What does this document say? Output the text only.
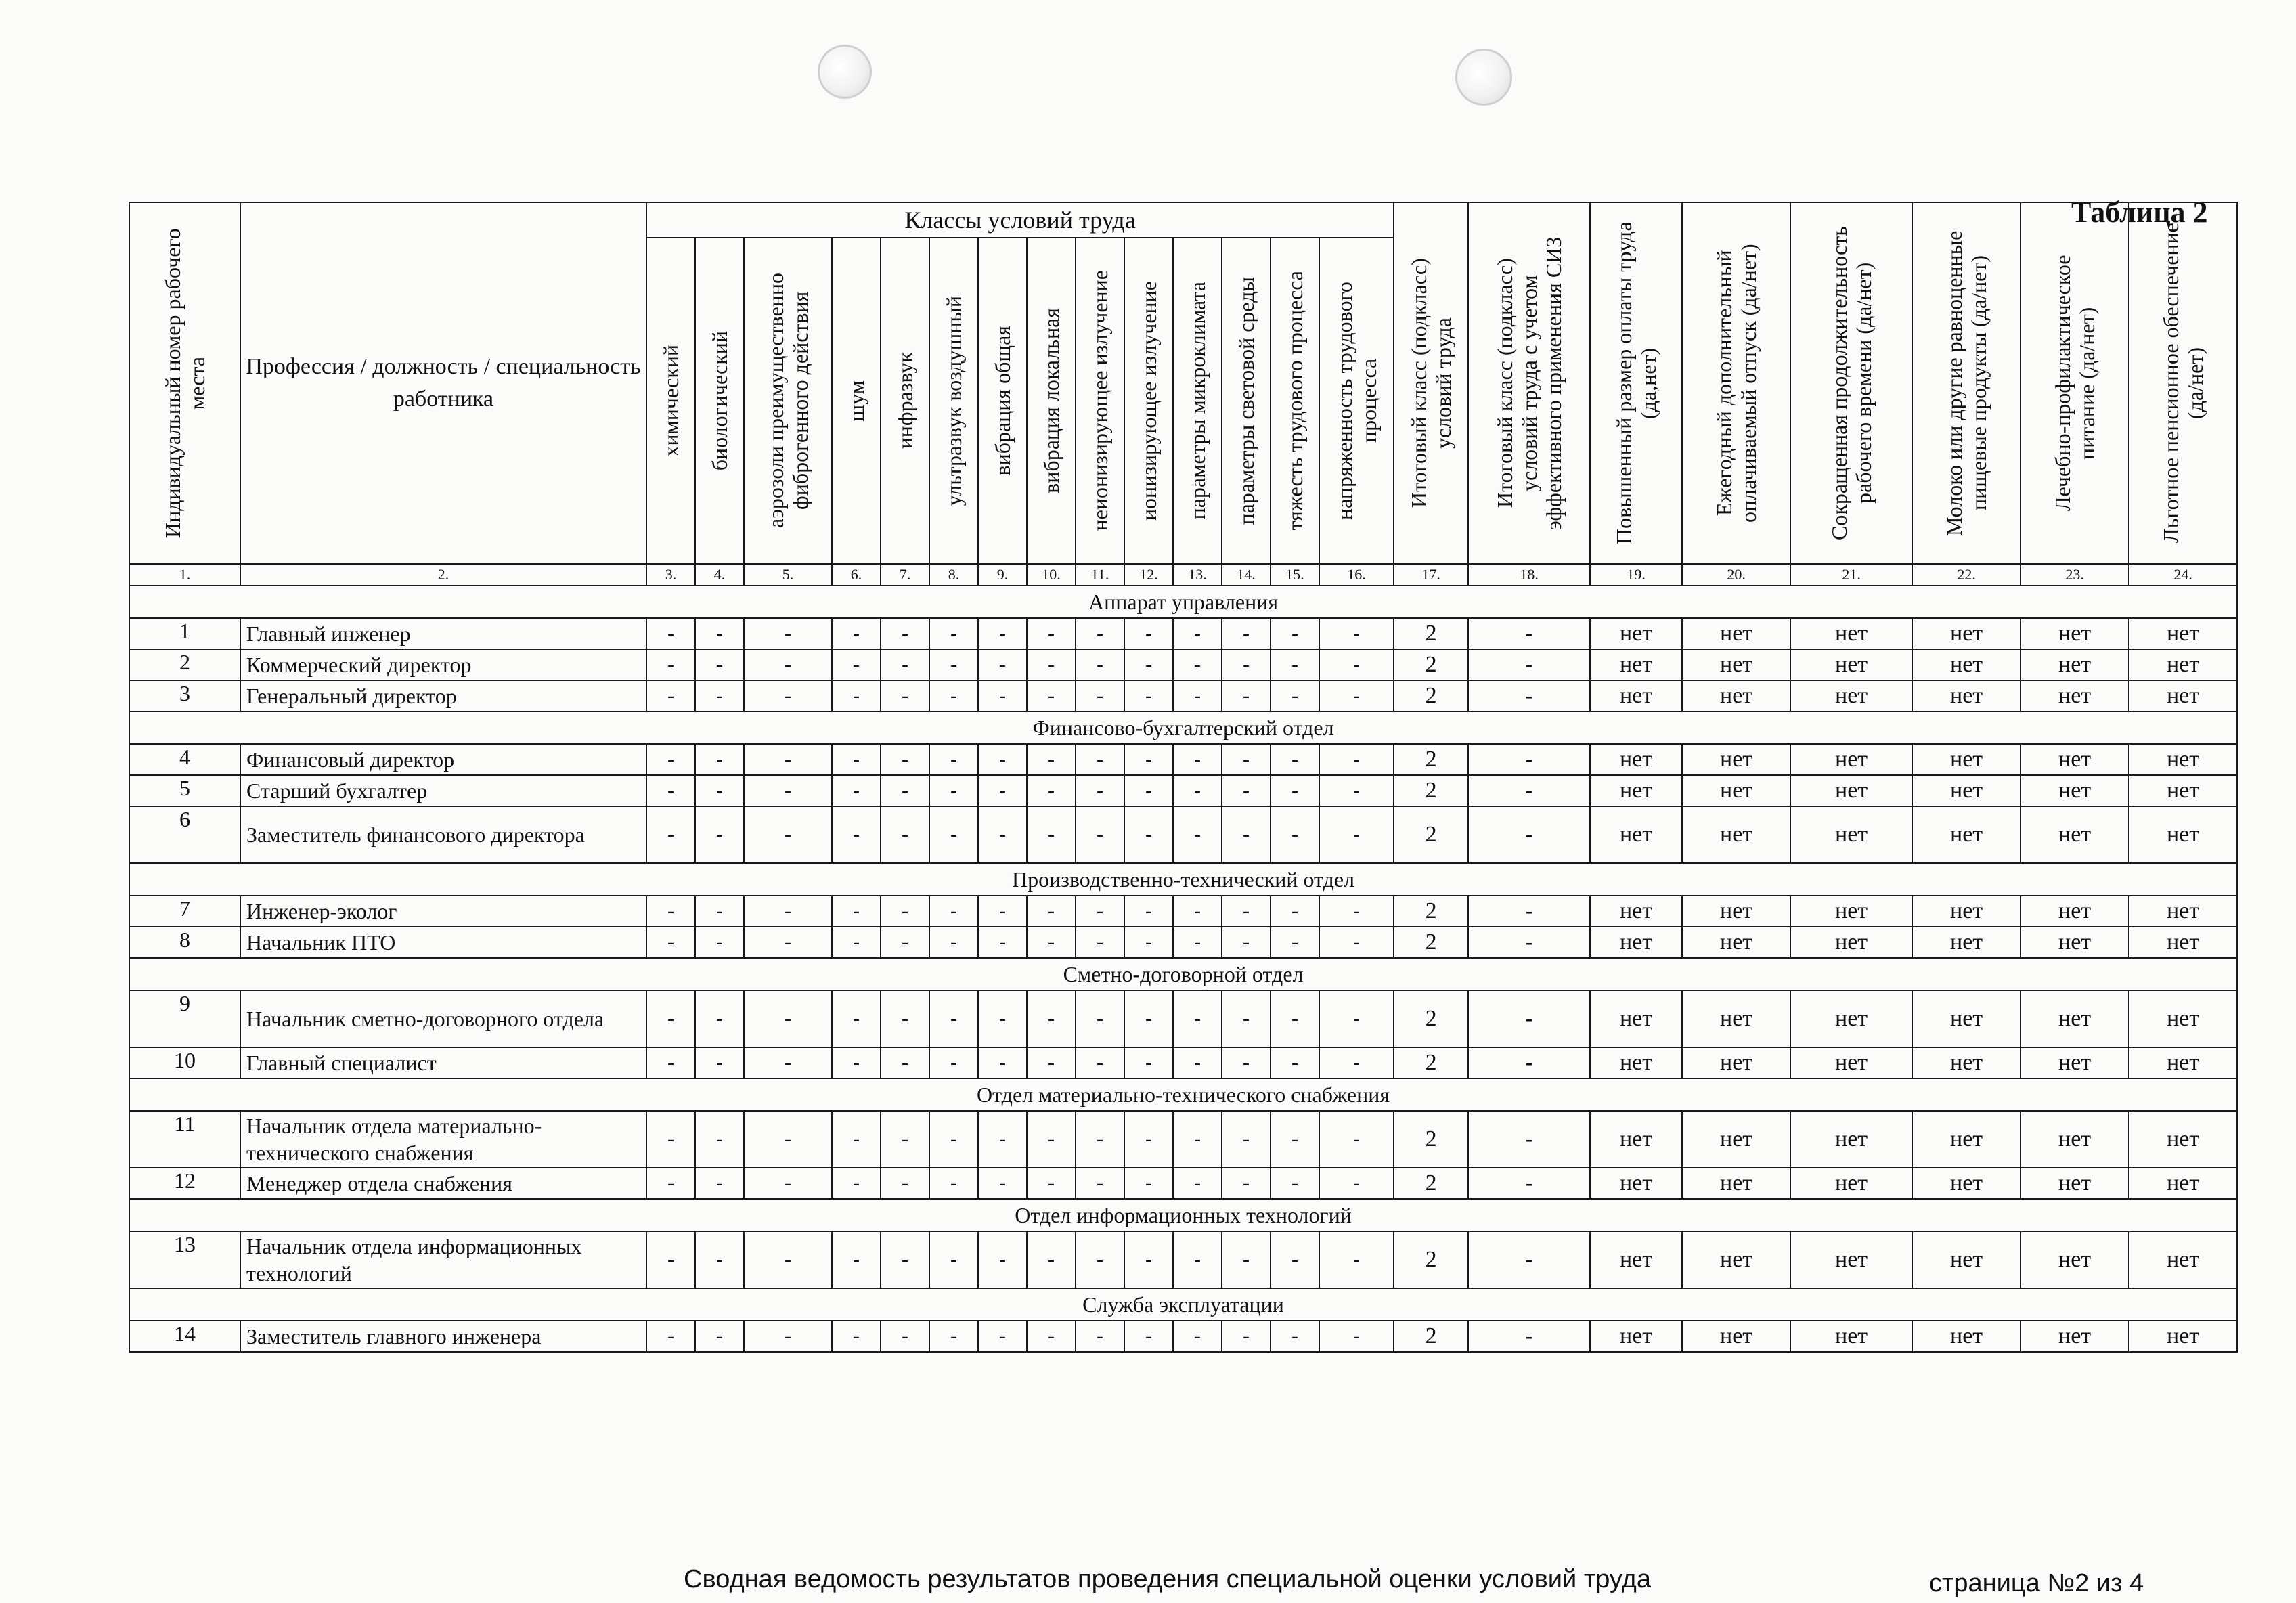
Таблица 2
Индивидуальный номер рабочего места	Профессия / должность / специальность работника	Классы условий труда														Итоговый класс (подкласс) условий труда	Итоговый класс (подкласс) условий труда с учетом эффективного применения СИЗ	Повышенный размер оплаты труда (да,нет)	Ежегодный дополнительный оплачиваемый отпуск (да/нет)	Сокращенная продолжительность рабочего времени (да/нет)	Молоко или другие равноценные пищевые продукты (да/нет)	Лечебно-профилактическое питание (да/нет)	Льготное пенсионное обеспечение (да/нет)

		химический	биологический	аэрозоли преимущественно фиброгенного действия	шум	инфразвук	ультразвук воздушный	вибрация общая	вибрация локальная	неионизирующее излучение	ионизирующее излучение	параметры микроклимата	параметры световой среды	тяжесть трудового процесса	напряженность трудового процесса								

1.	2.	3.	4.	5.	6.	7.	8.	9.	10.	11.	12.	13.	14.	15.	16.	17.	18.	19.	20.	21.	22.	23.	24.
Аппарат управления																							
1	Главный инженер	-	-	-	-	-	-	-	-	-	-	-	-	-	-	2	-	нет	нет	нет	нет	нет	нет
2	Коммерческий директор	-	-	-	-	-	-	-	-	-	-	-	-	-	-	2	-	нет	нет	нет	нет	нет	нет
3	Генеральный директор	-	-	-	-	-	-	-	-	-	-	-	-	-	-	2	-	нет	нет	нет	нет	нет	нет
Финансово-бухгалтерский отдел																							
4	Финансовый директор	-	-	-	-	-	-	-	-	-	-	-	-	-	-	2	-	нет	нет	нет	нет	нет	нет
5	Старший бухгалтер	-	-	-	-	-	-	-	-	-	-	-	-	-	-	2	-	нет	нет	нет	нет	нет	нет
6	Заместитель финансового директора	-	-	-	-	-	-	-	-	-	-	-	-	-	-	2	-	нет	нет	нет	нет	нет	нет
Производственно-технический отдел																							
7	Инженер-эколог	-	-	-	-	-	-	-	-	-	-	-	-	-	-	2	-	нет	нет	нет	нет	нет	нет
8	Начальник ПТО	-	-	-	-	-	-	-	-	-	-	-	-	-	-	2	-	нет	нет	нет	нет	нет	нет
Сметно-договорной отдел																							
9	Начальник сметно-договорного отдела	-	-	-	-	-	-	-	-	-	-	-	-	-	-	2	-	нет	нет	нет	нет	нет	нет
10	Главный специалист	-	-	-	-	-	-	-	-	-	-	-	-	-	-	2	-	нет	нет	нет	нет	нет	нет
Отдел материально-технического снабжения																							
11	Начальник отдела материально-технического снабжения	-	-	-	-	-	-	-	-	-	-	-	-	-	-	2	-	нет	нет	нет	нет	нет	нет
12	Менеджер отдела снабжения	-	-	-	-	-	-	-	-	-	-	-	-	-	-	2	-	нет	нет	нет	нет	нет	нет
Отдел информационных технологий																							
13	Начальник отдела информационных технологий	-	-	-	-	-	-	-	-	-	-	-	-	-	-	2	-	нет	нет	нет	нет	нет	нет
Служба эксплуатации																							
14	Заместитель главного инженера	-	-	-	-	-	-	-	-	-	-	-	-	-	-	2	-	нет	нет	нет	нет	нет	нет
Сводная ведомость результатов проведения специальной оценки условий труда	страница №2 из 4
